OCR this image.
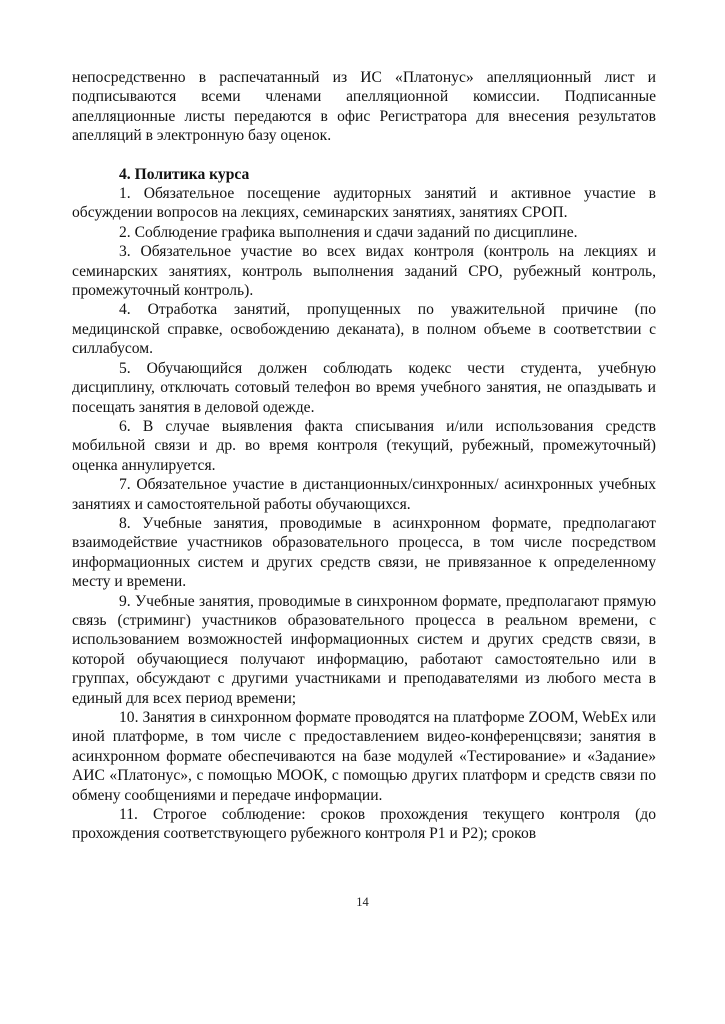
непосредственно в распечатанный из ИС «Платонус» апелляционный лист и подписываются всеми членами апелляционной комиссии. Подписанные апелляционные листы передаются в офис Регистратора для внесения результатов апелляций в электронную базу оценок.

4. Политика курса

1. Обязательное посещение аудиторных занятий и активное участие в обсуждении вопросов на лекциях, семинарских занятиях, занятиях СРОП.

2. Соблюдение графика выполнения и сдачи заданий по дисциплине.

3. Обязательное участие во всех видах контроля (контроль на лекциях и семинарских занятиях, контроль выполнения заданий СРО, рубежный контроль, промежуточный контроль).

4. Отработка занятий, пропущенных по уважительной причине (по медицинской справке, освобождению деканата), в полном объеме в соответствии с силлабусом.

5. Обучающийся должен соблюдать кодекс чести студента, учебную дисциплину, отключать сотовый телефон во время учебного занятия, не опаздывать и посещать занятия в деловой одежде.

6. В случае выявления факта списывания и/или использования средств мобильной связи и др. во время контроля (текущий, рубежный, промежуточный) оценка аннулируется.

7. Обязательное участие в дистанционных/синхронных/ асинхронных учебных занятиях и самостоятельной работы обучающихся.

8. Учебные занятия, проводимые в асинхронном формате, предполагают взаимодействие участников образовательного процесса, в том числе посредством информационных систем и других средств связи, не привязанное к определенному месту и времени.

9. Учебные занятия, проводимые в синхронном формате, предполагают прямую связь (стриминг) участников образовательного процесса в реальном времени, с использованием возможностей информационных систем и других средств связи, в которой обучающиеся получают информацию, работают самостоятельно или в группах, обсуждают с другими участниками и преподавателями из любого места в единый для всех период времени;

10. Занятия в синхронном формате проводятся на платформе ZOOM, WebEx или иной платформе, в том числе с предоставлением видео-конференцсвязи; занятия в асинхронном формате обеспечиваются на базе модулей «Тестирование» и «Задание» АИС «Платонус», с помощью МООК, с помощью других платформ и средств связи по обмену сообщениями и передаче информации.

11. Строгое соблюдение: сроков прохождения текущего контроля (до прохождения соответствующего рубежного контроля Р1 и Р2); сроков

14
